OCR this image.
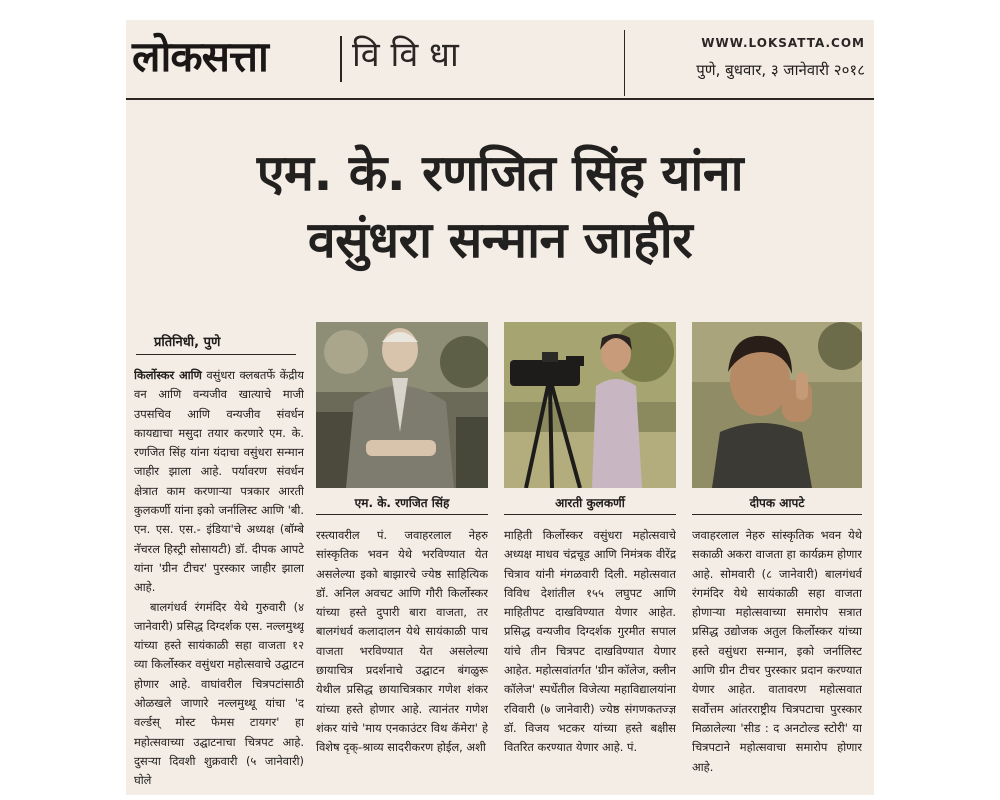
लोकसत्ता वि वि धा	WWW.LOKSATTA.COM
पुणे, बुधवार, ३ जानेवारी २०१८
एम. के. रणजित सिंह यांना
वसुंधरा सन्मान जाहीर
प्रतिनिधी, पुणे
एम. के. रणजित सिंह	आरती कुलकर्णी	दीपक आपटे

किर्लोस्कर आणि वसुंधरा क्लबतर्फे केंद्रीय वन आणि वन्यजीव खात्याचे माजी उपसचिव आणि वन्यजीव संवर्धन कायद्याचा मसुदा तयार करणारे एम. के. रणजित सिंह यांना यंदाचा वसुंधरा सन्मान जाहीर झाला आहे. पर्यावरण संवर्धन क्षेत्रात काम करणाऱ्या पत्रकार आरती कुलकर्णी यांना इको जर्नालिस्ट आणि 'बी. एन. एस. एस.- इंडिया'चे अध्यक्ष (बॉम्बे नॅचरल हिस्ट्री सोसायटी) डॉ. दीपक आपटे यांना 'ग्रीन टीचर' पुरस्कार जाहीर झाला आहे.

बालगंधर्व रंगमंदिर येथे गुरुवारी (४ जानेवारी) प्रसिद्ध दिग्दर्शक एस. नल्लमुथ्थू यांच्या हस्ते सायंकाळी सहा वाजता १२ व्या किर्लोस्कर वसुंधरा महोत्सवाचे उद्घाटन होणार आहे. वाघांवरील चित्रपटांसाठी ओळखले जाणारे नल्लमुथ्थू यांचा 'द वर्ल्डस् मोस्ट फेमस टायगर' हा महोत्सवाच्या उद्घाटनाचा चित्रपट आहे. दुसऱ्या दिवशी शुक्रवारी (५ जानेवारी) घोले

रस्त्यावरील पं. जवाहरलाल नेहरु सांस्कृतिक भवन येथे भरविण्यात येत असलेल्या इको बाझारचे ज्येष्ठ साहित्यिक डॉ. अनिल अवचट आणि गौरी किर्लोस्कर यांच्या हस्ते दुपारी बारा वाजता, तर बालगंधर्व कलादालन येथे सायंकाळी पाच वाजता भरविण्यात येत असलेल्या छायाचित्र प्रदर्शनाचे उद्घाटन बंगळुरू येथील प्रसिद्ध छायाचित्रकार गणेश शंकर यांच्या हस्ते होणार आहे. त्यानंतर गणेश शंकर यांचे 'माय एनकाउंटर विथ कॅमेरा' हे विशेष दृक्-श्राव्य सादरीकरण होईल, अशी
माहिती किर्लोस्कर वसुंधरा महोत्सवाचे अध्यक्ष माधव चंद्रचूड आणि निमंत्रक वीरेंद्र चित्राव यांनी मंगळवारी दिली. महोत्सवात विविध देशांतील १५५ लघुपट आणि माहितीपट दाखविण्यात येणार आहेत. प्रसिद्ध वन्यजीव दिग्दर्शक गुरमीत सपाल यांचे तीन चित्रपट दाखविण्यात येणार आहेत. महोत्सवांतर्गत 'ग्रीन कॉलेज, क्लीन कॉलेज' स्पर्धेतील विजेत्या महाविद्यालयांना रविवारी (७ जानेवारी) ज्येष्ठ संगणकतज्ज्ञ डॉ. विजय भटकर यांच्या हस्ते बक्षीस वितरित करण्यात येणार आहे. पं.
जवाहरलाल नेहरु सांस्कृतिक भवन येथे सकाळी अकरा वाजता हा कार्यक्रम होणार आहे. सोमवारी (८ जानेवारी) बालगंधर्व रंगमंदिर येथे सायंकाळी सहा वाजता होणाऱ्या महोत्सवाच्या समारोप सत्रात प्रसिद्ध उद्योजक अतुल किर्लोस्कर यांच्या हस्ते वसुंधरा सन्मान, इको जर्नालिस्ट आणि ग्रीन टीचर पुरस्कार प्रदान करण्यात येणार आहेत. वातावरण महोत्सवात सर्वोत्तम आंतरराष्ट्रीय चित्रपटाचा पुरस्कार मिळालेल्या 'सीड : द अनटोल्ड स्टोरी' या चित्रपटाने महोत्सवाचा समारोप होणार आहे.
